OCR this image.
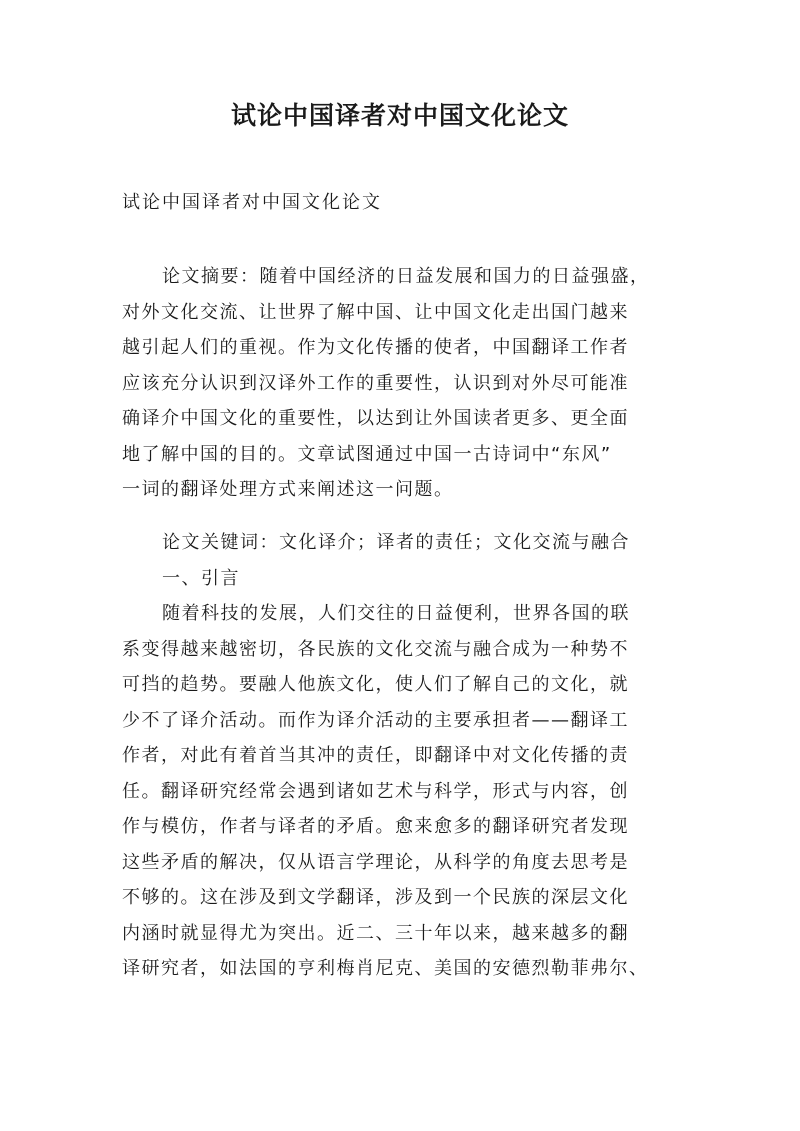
试论中国译者对中国文化论文

试论中国译者对中国文化论文

论文摘要：随着中国经济的日益发展和国力的日益强盛，
对外文化交流、让世界了解中国、让中国文化走出国门越来
越引起人们的重视。作为文化传播的使者，中国翻译工作者
应该充分认识到汉译外工作的重要性，认识到对外尽可能准
确译介中国文化的重要性，以达到让外国读者更多、更全面
地了解中国的目的。文章试图通过中国一古诗词中“东风”
一词的翻译处理方式来阐述这一问题。
论文关键词：文化译介；译者的责任；文化交流与融合
一、引言
随着科技的发展，人们交往的日益便利，世界各国的联
系变得越来越密切，各民族的文化交流与融合成为一种势不
可挡的趋势。要融人他族文化，使人们了解自己的文化，就
少不了译介活动。而作为译介活动的主要承担者——翻译工
作者，对此有着首当其冲的责任，即翻译中对文化传播的责
任。翻译研究经常会遇到诸如艺术与科学，形式与内容，创
作与模仿，作者与译者的矛盾。愈来愈多的翻译研究者发现
这些矛盾的解决，仅从语言学理论，从科学的角度去思考是
不够的。这在涉及到文学翻译，涉及到一个民族的深层文化
内涵时就显得尤为突出。近二、三十年以来，越来越多的翻
译研究者，如法国的亨利梅肖尼克、美国的安德烈勒菲弗尔、
